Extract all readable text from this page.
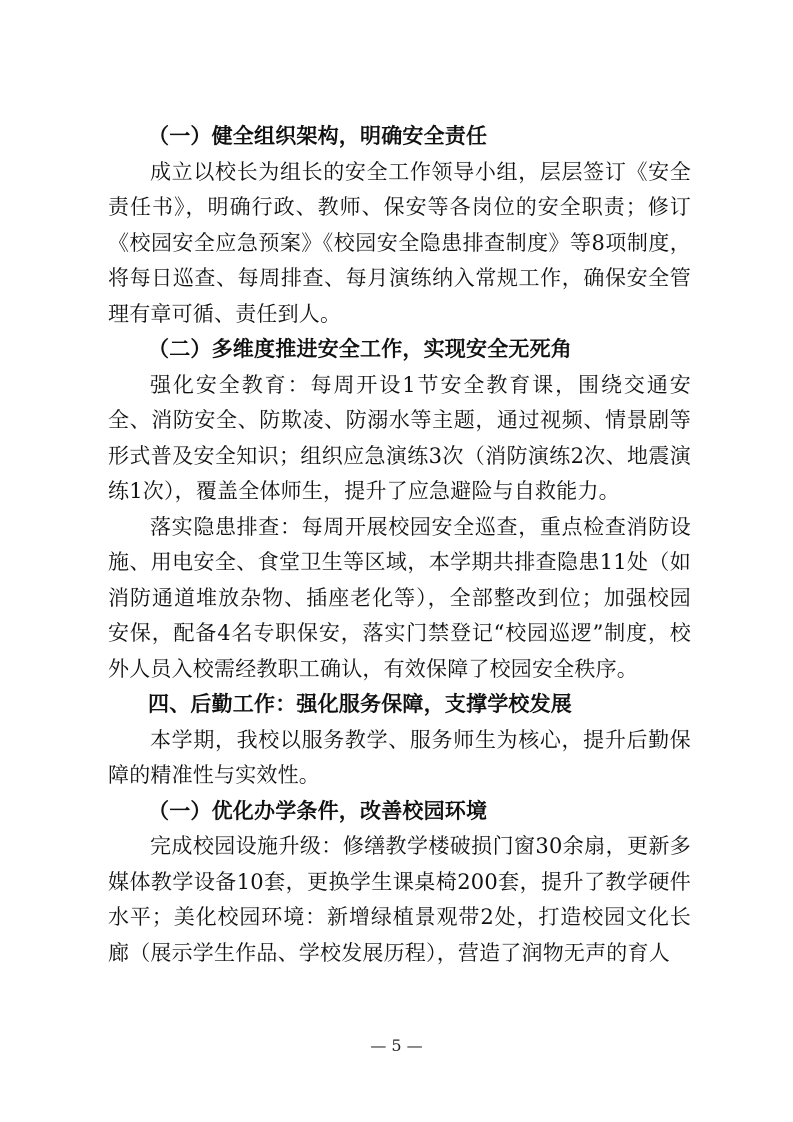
（一）健全组织架构，明确安全责任

成立以校长为组长的安全工作领导小组，层层签订《安全责任书》，明确行政、教师、保安等各岗位的安全职责；修订《校园安全应急预案》《校园安全隐患排查制度》等8项制度，将每日巡查、每周排查、每月演练纳入常规工作，确保安全管理有章可循、责任到人。

（二）多维度推进安全工作，实现安全无死角

强化安全教育：每周开设1节安全教育课，围绕交通安全、消防安全、防欺凌、防溺水等主题，通过视频、情景剧等形式普及安全知识；组织应急演练3次（消防演练2次、地震演练1次），覆盖全体师生，提升了应急避险与自救能力。

落实隐患排查：每周开展校园安全巡查，重点检查消防设施、用电安全、食堂卫生等区域，本学期共排查隐患11处（如消防通道堆放杂物、插座老化等），全部整改到位；加强校园安保，配备4名专职保安，落实门禁登记“校园巡逻”制度，校外人员入校需经教职工确认，有效保障了校园安全秩序。

四、后勤工作：强化服务保障，支撑学校发展

本学期，我校以服务教学、服务师生为核心，提升后勤保障的精准性与实效性。

（一）优化办学条件，改善校园环境

完成校园设施升级：修缮教学楼破损门窗30余扇，更新多媒体教学设备10套，更换学生课桌椅200套，提升了教学硬件水平；美化校园环境：新增绿植景观带2处，打造校园文化长廊（展示学生作品、学校发展历程），营造了润物无声的育人

— 5 —
